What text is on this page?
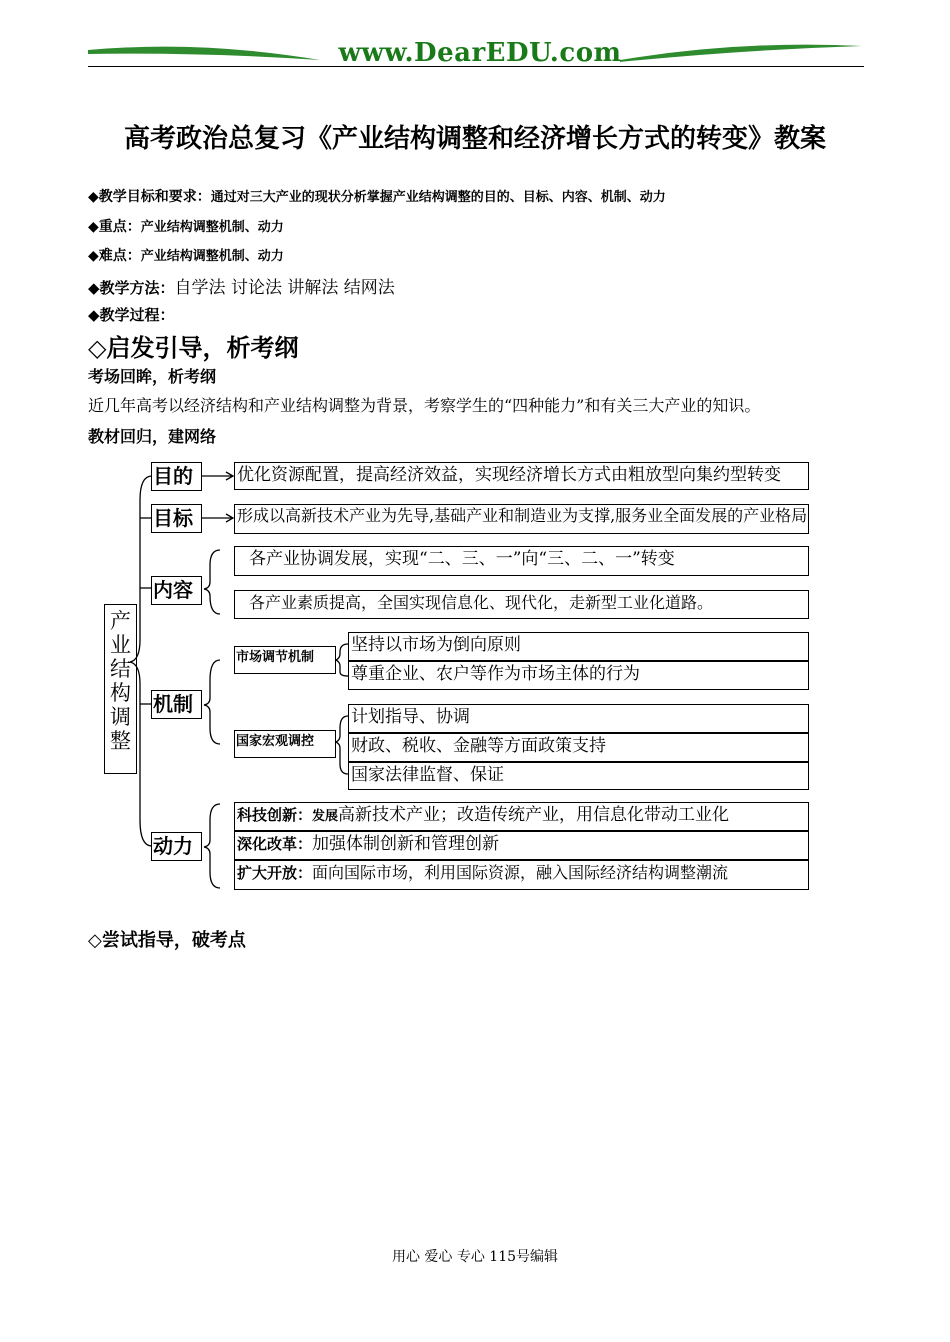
www.DearEDU.com
高考政治总复习《产业结构调整和经济增长方式的转变》教案
◆教学目标和要求：通过对三大产业的现状分析掌握产业结构调整的目的、目标、内容、机制、动力
◆重点：产业结构调整机制、动力
◆难点：产业结构调整机制、动力
◆教学方法：自学法 讨论法 讲解法 结网法
◆教学过程：
◇启发引导，析考纲
考场回眸，析考纲
近几年高考以经济结构和产业结构调整为背景，考察学生的“四种能力”和有关三大产业的知识。
教材回归，建网络
产
业
结
构
调
整
目的	优化资源配置，提高经济效益，实现经济增长方式由粗放型向集约型转变
目标	形成以高新技术产业为先导,基础产业和制造业为支撑,服务业全面发展的产业格局
内容
各产业协调发展，实现“二、三、一”向“三、二、一”转变
各产业素质提高，全国实现信息化、现代化，走新型工业化道路。
机制
市场调节机制
坚持以市场为倒向原则
尊重企业、农户等作为市场主体的行为
国家宏观调控
计划指导、协调
财政、税收、金融等方面政策支持
国家法律监督、保证
动力
科技创新：发展高新技术产业；改造传统产业，用信息化带动工业化
深化改革：加强体制创新和管理创新
扩大开放：面向国际市场，利用国际资源，融入国际经济结构调整潮流
◇尝试指导，破考点
用心 爱心 专心 115号编辑
